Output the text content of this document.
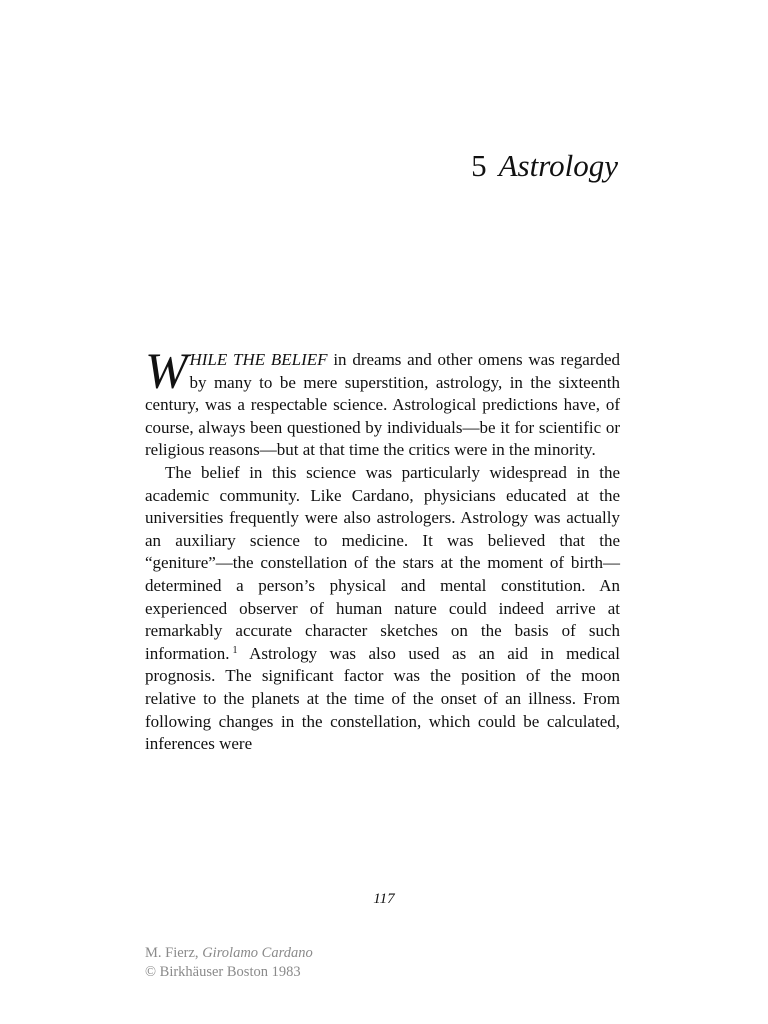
5 Astrology

WHILE THE BELIEF in dreams and other omens was regarded by many to be mere superstition, astrology, in the sixteenth century, was a respectable science. Astrological predictions have, of course, always been questioned by individuals—be it for scientific or religious reasons—but at that time the critics were in the minority.

The belief in this science was particularly widespread in the academic community. Like Cardano, physicians educated at the universities frequently were also astrologers. Astrology was actually an auxiliary science to medicine. It was believed that the “geniture”—the constellation of the stars at the moment of birth—determined a person’s physical and mental constitution. An experienced observer of human nature could indeed arrive at remarkably accurate character sketches on the basis of such information. $^1$ Astrology was also used as an aid in medical prognosis. The significant factor was the position of the moon relative to the planets at the time of the onset of an illness. From following changes in the constellation, which could be calculated, inferences were

117
M. Fierz, Girolamo Cardano
© Birkhäuser Boston 1983
